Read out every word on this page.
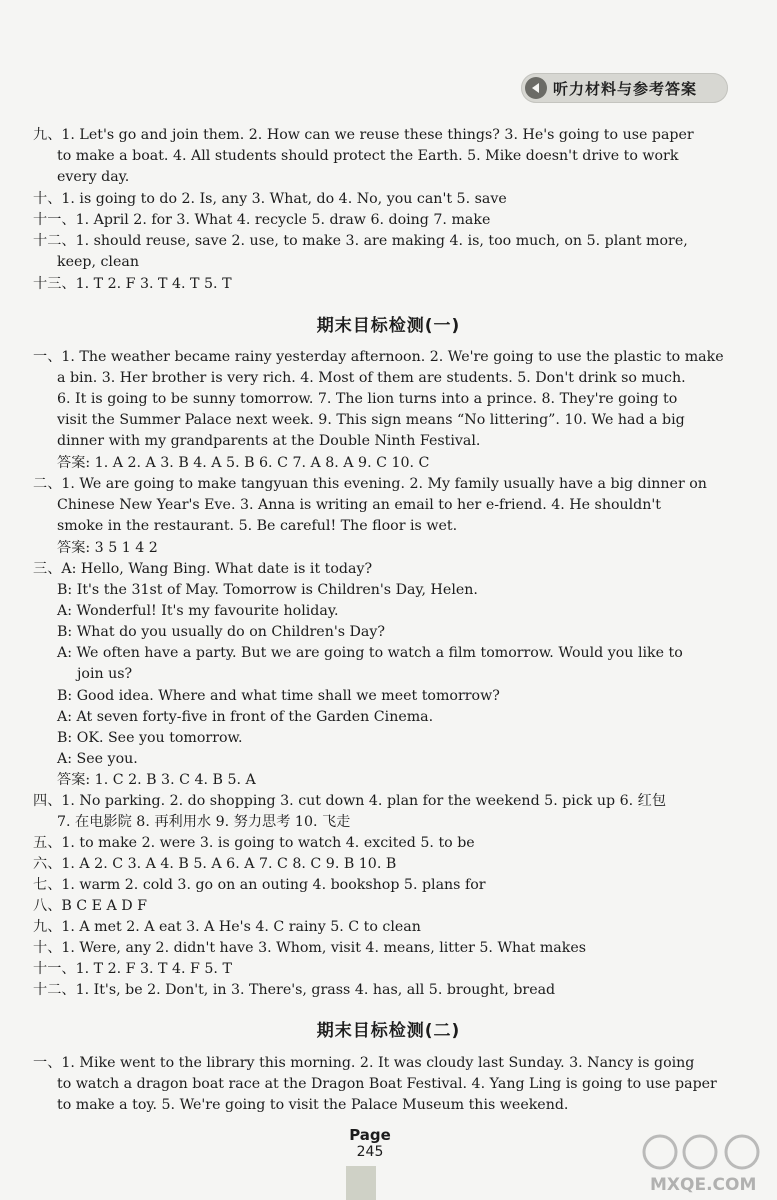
听力材料与参考答案
九、1. Let's go and join them. 2. How can we reuse these things? 3. He's going to use paper
to make a boat. 4. All students should protect the Earth. 5. Mike doesn't drive to work
every day.
十、1. is going to do 2. Is, any 3. What, do 4. No, you can't 5. save
十一、1. April 2. for 3. What 4. recycle 5. draw 6. doing 7. make
十二、1. should reuse, save 2. use, to make 3. are making 4. is, too much, on 5. plant more,
keep, clean
十三、1. T 2. F 3. T 4. T 5. T
期末目标检测(一)
一、1. The weather became rainy yesterday afternoon. 2. We're going to use the plastic to make
a bin. 3. Her brother is very rich. 4. Most of them are students. 5. Don't drink so much.
6. It is going to be sunny tomorrow. 7. The lion turns into a prince. 8. They're going to
visit the Summer Palace next week. 9. This sign means “No littering”. 10. We had a big
dinner with my grandparents at the Double Ninth Festival.
答案: 1. A 2. A 3. B 4. A 5. B 6. C 7. A 8. A 9. C 10. C
二、1. We are going to make tangyuan this evening. 2. My family usually have a big dinner on
Chinese New Year's Eve. 3. Anna is writing an email to her e-friend. 4. He shouldn't
smoke in the restaurant. 5. Be careful! The floor is wet.
答案: 3 5 1 4 2
三、A: Hello, Wang Bing. What date is it today?
B: It's the 31st of May. Tomorrow is Children's Day, Helen.
A: Wonderful! It's my favourite holiday.
B: What do you usually do on Children's Day?
A: We often have a party. But we are going to watch a film tomorrow. Would you like to
join us?
B: Good idea. Where and what time shall we meet tomorrow?
A: At seven forty-five in front of the Garden Cinema.
B: OK. See you tomorrow.
A: See you.
答案: 1. C 2. B 3. C 4. B 5. A
四、1. No parking. 2. do shopping 3. cut down 4. plan for the weekend 5. pick up 6. 红包
7. 在电影院 8. 再利用水 9. 努力思考 10. 飞走
五、1. to make 2. were 3. is going to watch 4. excited 5. to be
六、1. A 2. C 3. A 4. B 5. A 6. A 7. C 8. C 9. B 10. B
七、1. warm 2. cold 3. go on an outing 4. bookshop 5. plans for
八、B C E A D F
九、1. A met 2. A eat 3. A He's 4. C rainy 5. C to clean
十、1. Were, any 2. didn't have 3. Whom, visit 4. means, litter 5. What makes
十一、1. T 2. F 3. T 4. F 5. T
十二、1. It's, be 2. Don't, in 3. There's, grass 4. has, all 5. brought, bread
期末目标检测(二)
一、1. Mike went to the library this morning. 2. It was cloudy last Sunday. 3. Nancy is going
to watch a dragon boat race at the Dragon Boat Festival. 4. Yang Ling is going to use paper
to make a toy. 5. We're going to visit the Palace Museum this weekend.
Page
245
MXQE.COM
